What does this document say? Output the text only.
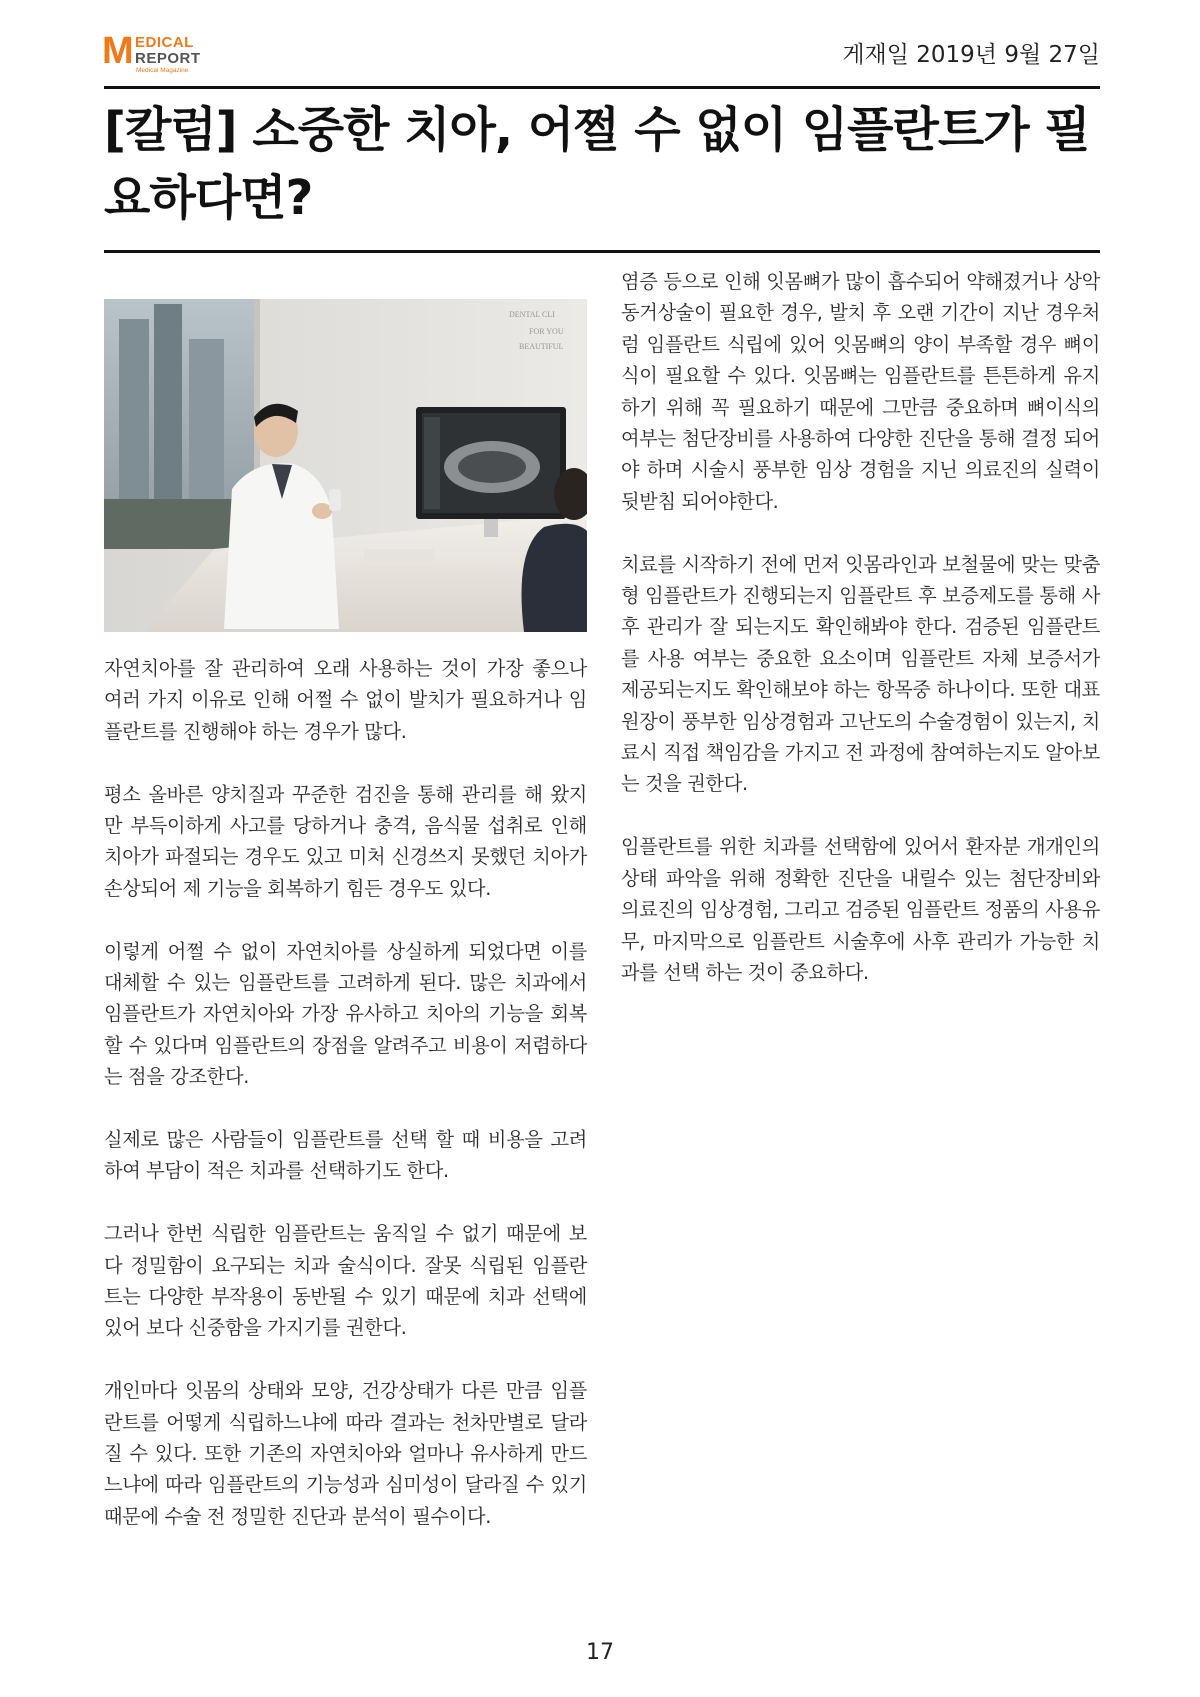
M EDICAL
REPORT
Medical Magazine
게재일 2019년 9월 27일
[칼럼] 소중한 치아, 어쩔 수 없이 임플란트가 필요하다면?
DENTAL CLI
FOR YOU
BEAUTIFUL

자연치아를 잘 관리하여 오래 사용하는 것이 가장 좋으나 여러 가지 이유로 인해 어쩔 수 없이 발치가 필요하거나 임플란트를 진행해야 하는 경우가 많다.

평소 올바른 양치질과 꾸준한 검진을 통해 관리를 해 왔지만 부득이하게 사고를 당하거나 충격, 음식물 섭취로 인해 치아가 파절되는 경우도 있고 미처 신경쓰지 못했던 치아가 손상되어 제 기능을 회복하기 힘든 경우도 있다.

이렇게 어쩔 수 없이 자연치아를 상실하게 되었다면 이를 대체할 수 있는 임플란트를 고려하게 된다. 많은 치과에서 임플란트가 자연치아와 가장 유사하고 치아의 기능을 회복할 수 있다며 임플란트의 장점을 알려주고 비용이 저렴하다는 점을 강조한다.

실제로 많은 사람들이 임플란트를 선택 할 때 비용을 고려하여 부담이 적은 치과를 선택하기도 한다.

그러나 한번 식립한 임플란트는 움직일 수 없기 때문에 보다 정밀함이 요구되는 치과 술식이다. 잘못 식립된 임플란트는 다양한 부작용이 동반될 수 있기 때문에 치과 선택에 있어 보다 신중함을 가지기를 권한다.

개인마다 잇몸의 상태와 모양, 건강상태가 다른 만큼 임플란트를 어떻게 식립하느냐에 따라 결과는 천차만별로 달라질 수 있다. 또한 기존의 자연치아와 얼마나 유사하게 만드느냐에 따라 임플란트의 기능성과 심미성이 달라질 수 있기 때문에 수술 전 정밀한 진단과 분석이 필수이다.

염증 등으로 인해 잇몸뼈가 많이 흡수되어 약해졌거나 상악동거상술이 필요한 경우, 발치 후 오랜 기간이 지난 경우처럼 임플란트 식립에 있어 잇몸뼈의 양이 부족할 경우 뼈이식이 필요할 수 있다. 잇몸뼈는 임플란트를 튼튼하게 유지하기 위해 꼭 필요하기 때문에 그만큼 중요하며 뼈이식의 여부는 첨단장비를 사용하여 다양한 진단을 통해 결정 되어야 하며 시술시 풍부한 임상 경험을 지닌 의료진의 실력이 뒷받침 되어야한다.

치료를 시작하기 전에 먼저 잇몸라인과 보철물에 맞는 맞춤형 임플란트가 진행되는지 임플란트 후 보증제도를 통해 사후 관리가 잘 되는지도 확인해봐야 한다. 검증된 임플란트를 사용 여부는 중요한 요소이며 임플란트 자체 보증서가 제공되는지도 확인해보야 하는 항목중 하나이다. 또한 대표원장이 풍부한 임상경험과 고난도의 수술경험이 있는지, 치료시 직접 책임감을 가지고 전 과정에 참여하는지도 알아보는 것을 권한다.

임플란트를 위한 치과를 선택함에 있어서 환자분 개개인의 상태 파악을 위해 정확한 진단을 내릴수 있는 첨단장비와 의료진의 임상경험, 그리고 검증된 임플란트 정품의 사용유무, 마지막으로 임플란트 시술후에 사후 관리가 가능한 치과를 선택 하는 것이 중요하다.

17
